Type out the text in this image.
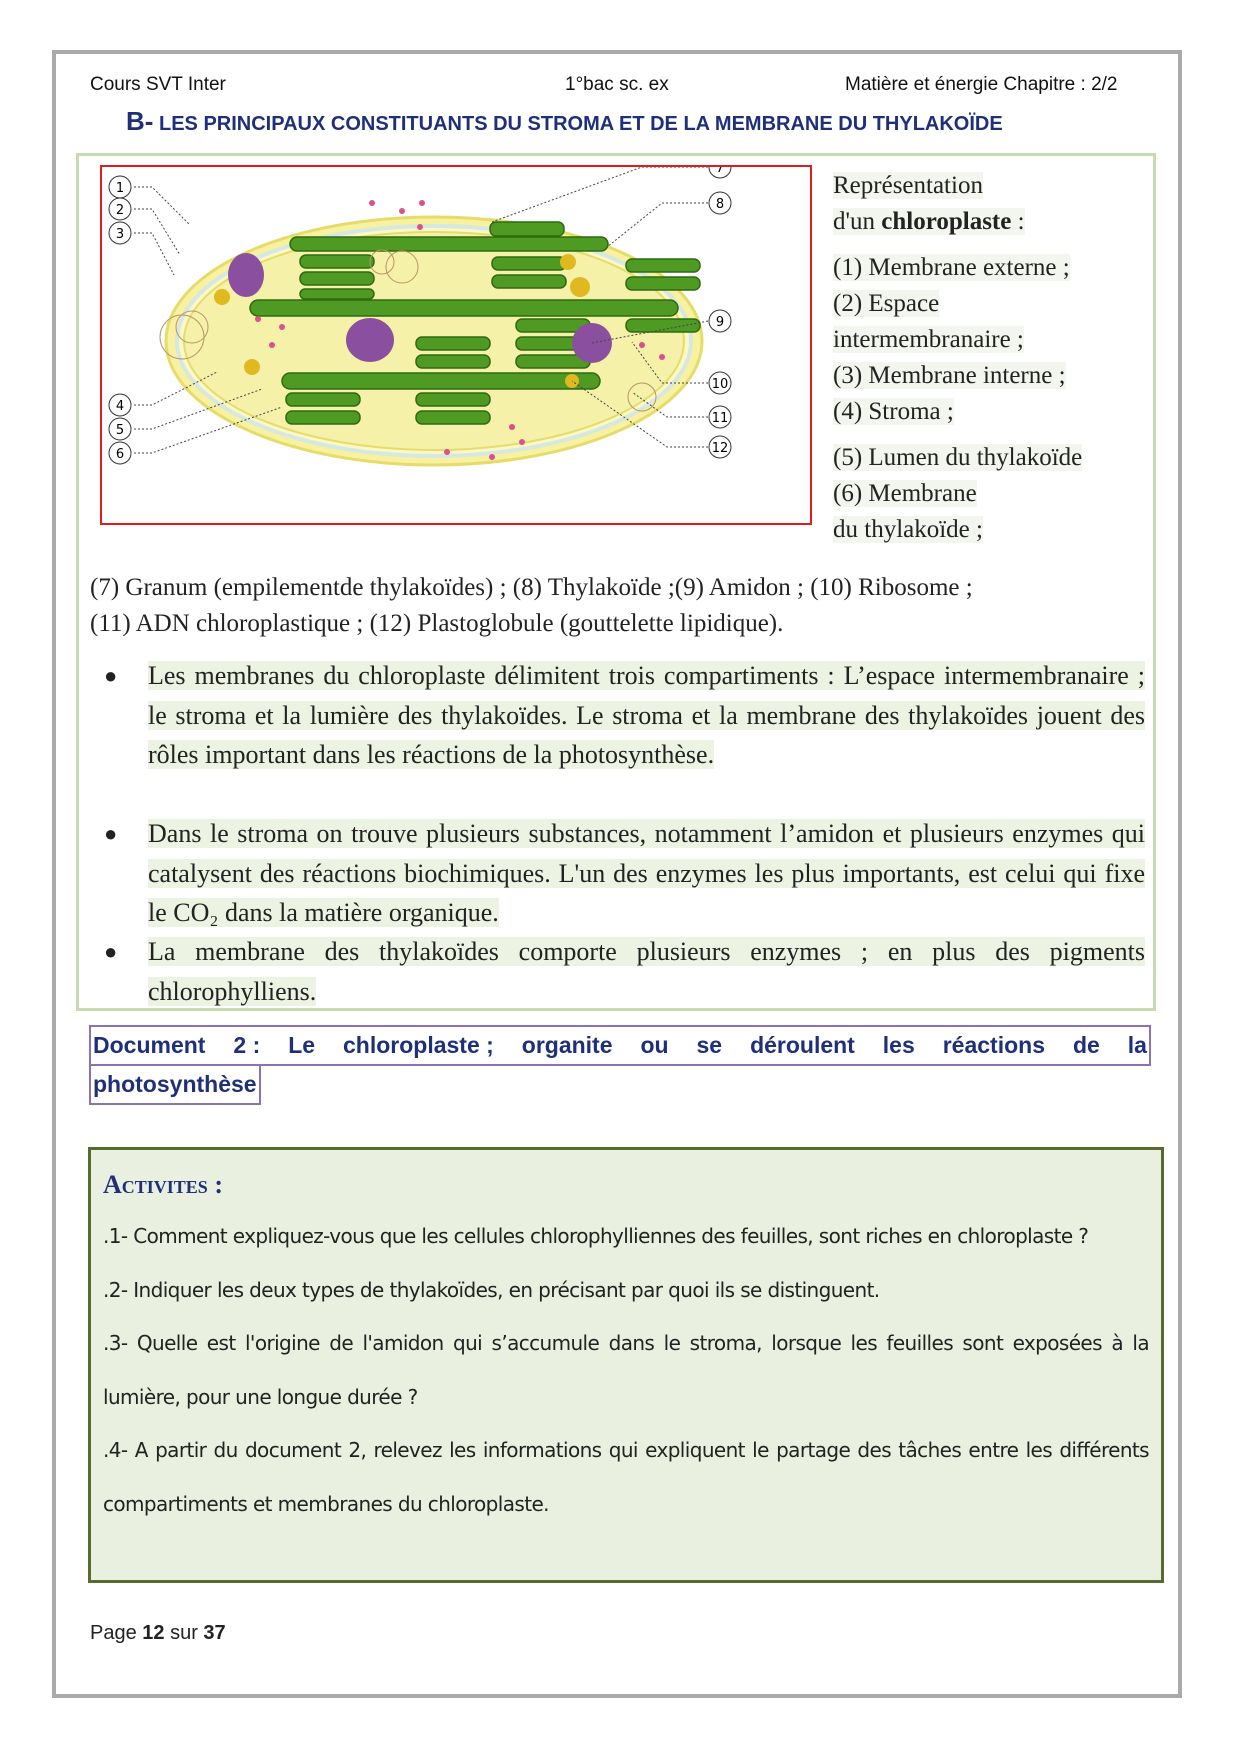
Cours SVT Inter	1°bac sc. ex	Matière et énergie Chapitre : 2/2
B- LES PRINCIPAUX CONSTITUANTS DU STROMA ET DE LA MEMBRANE DU THYLAKOÏDE
1
2
3
4
5
6
7
8
9
10
11
12
Représentation
d'un chloroplaste :
(1) Membrane externe ;
(2) Espace
intermembranaire ;
(3) Membrane interne ;
(4) Stroma ;
(5) Lumen du thylakoïde
(6) Membrane
du thylakoïde ;
(7) Granum (empilementde thylakoïdes) ; (8) Thylakoïde ;(9) Amidon ; (10) Ribosome ;
(11) ADN chloroplastique ; (12) Plastoglobule (gouttelette lipidique).
● Les membranes du chloroplaste délimitent trois compartiments : L’espace intermembranaire ; le stroma et la lumière des thylakoïdes. Le stroma et la membrane des thylakoïdes jouent des rôles important dans les réactions de la photosynthèse.
● Dans le stroma on trouve plusieurs substances, notamment l’amidon et plusieurs enzymes qui catalysent des réactions biochimiques. L'un des enzymes les plus importants, est celui qui fixe le CO₂ dans la matière organique.
● La membrane des thylakoïdes comporte plusieurs enzymes ; en plus des pigments chlorophylliens.
Document 2 : Le chloroplaste ; organite ou se déroulent les réactions de la
photosynthèse
Activites :

.1- Comment expliquez-vous que les cellules chlorophylliennes des feuilles, sont riches en chloroplaste ?

.2- Indiquer les deux types de thylakoïdes, en précisant par quoi ils se distinguent.

.3- Quelle est l'origine de l'amidon qui s’accumule dans le stroma, lorsque les feuilles sont exposées à la lumière, pour une longue durée ?

.4- A partir du document 2, relevez les informations qui expliquent le partage des tâches entre les différents compartiments et membranes du chloroplaste.

Page 12 sur 37
